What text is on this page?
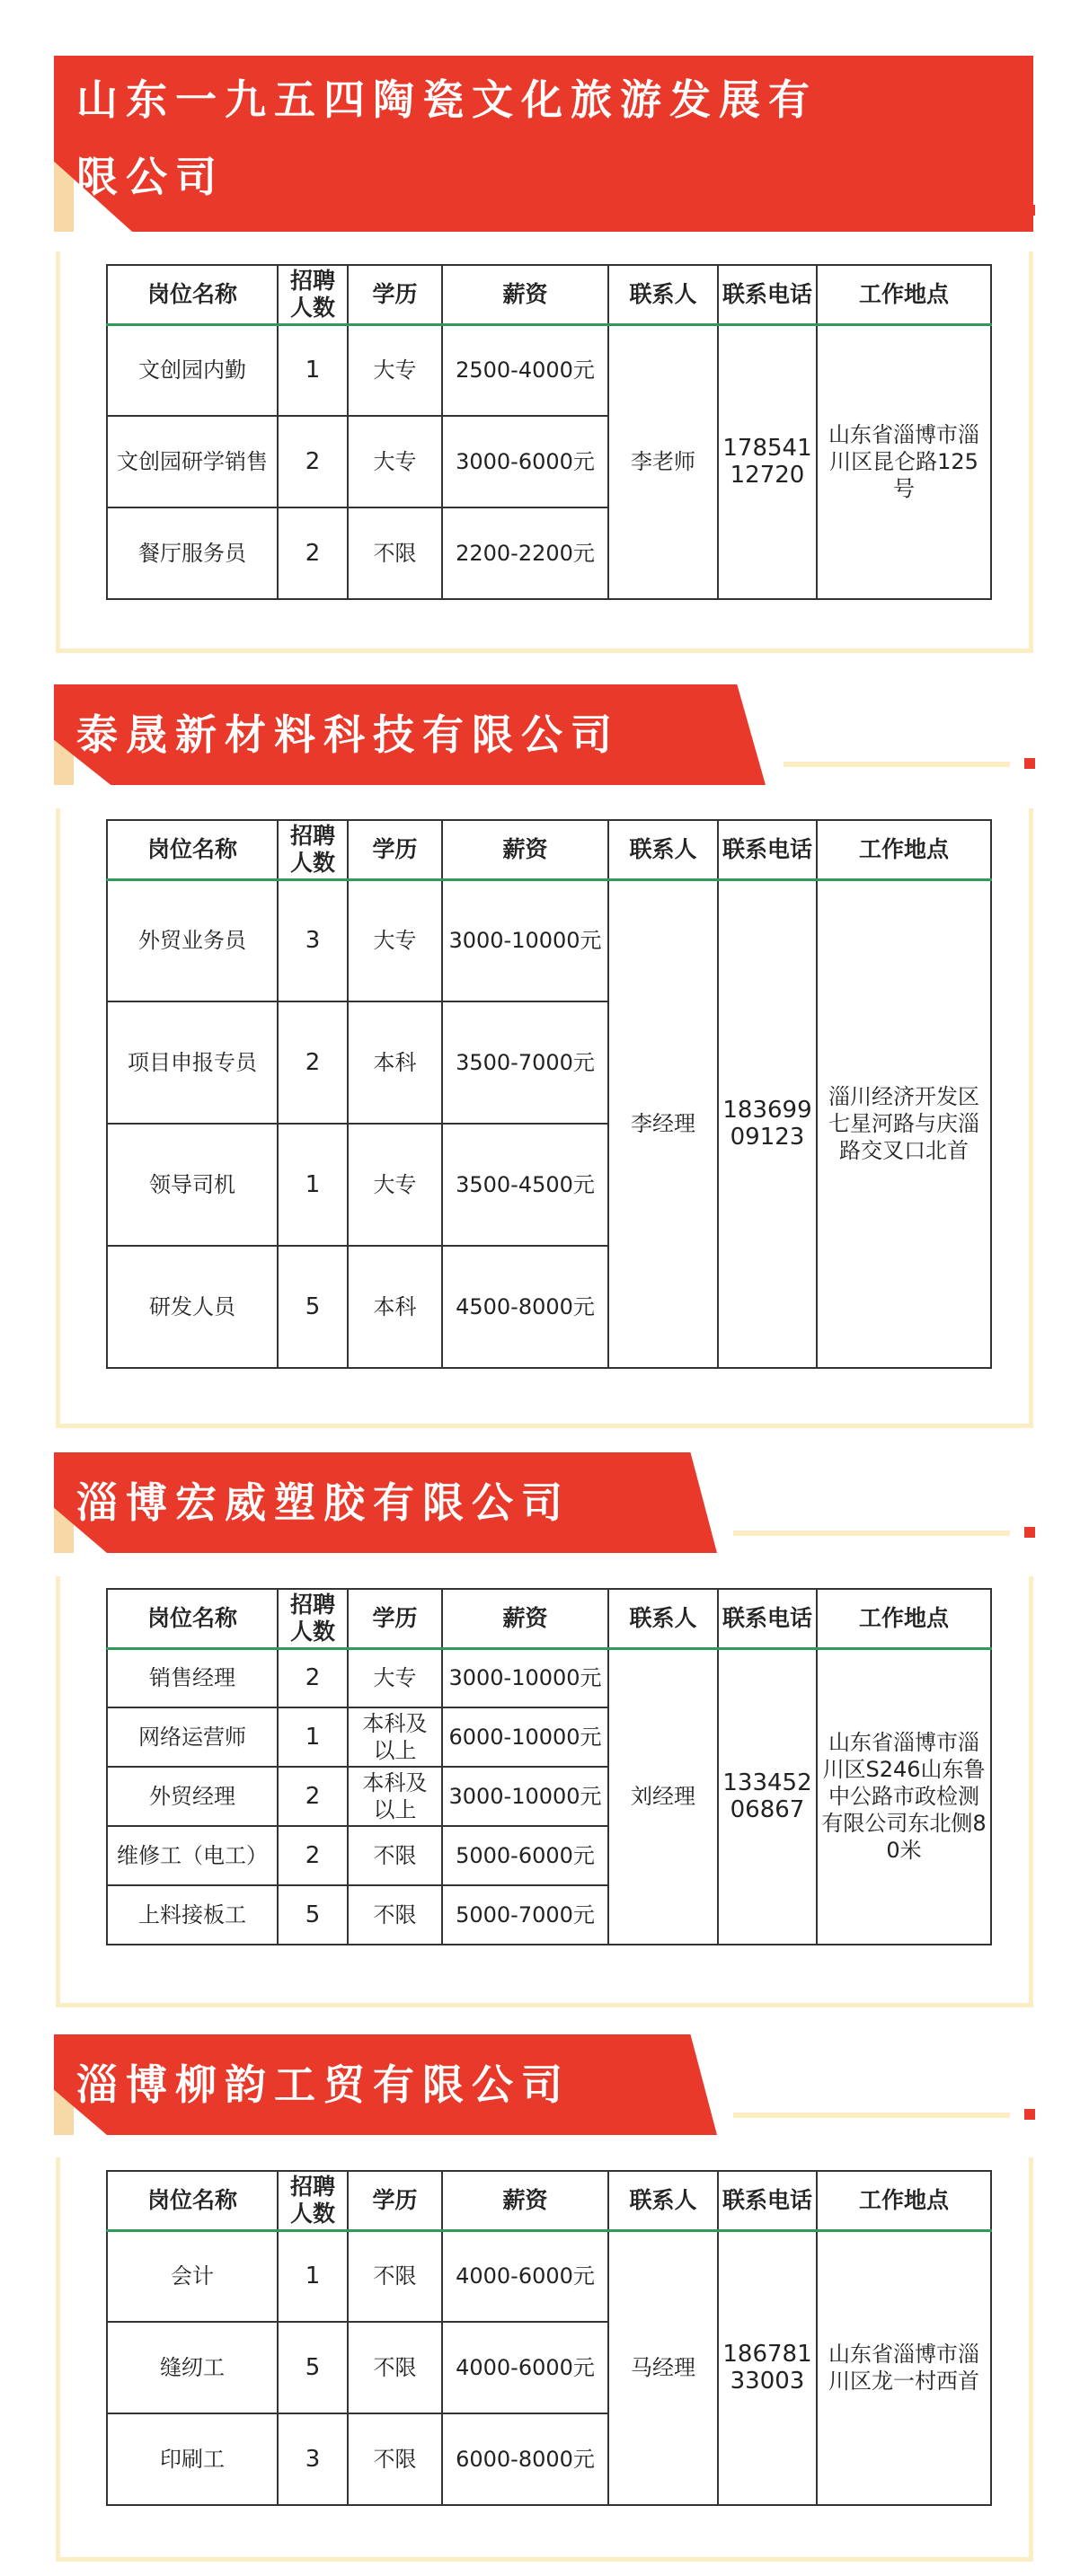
山东一九五四陶瓷文化旅游发展有
限公司
岗位名称	招聘人数	学历	薪资	联系人	联系电话	工作地点
文创园内勤	1	大专	2500-4000元	李老师	17854112720	山东省淄博市淄川区昆仑路125号
文创园研学销售	2	大专	3000-6000元			
餐厅服务员	2	不限	2200-2200元			
泰晟新材料科技有限公司
岗位名称	招聘人数	学历	薪资	联系人	联系电话	工作地点
外贸业务员	3	大专	3000-10000元	李经理	18369909123	淄川经济开发区七星河路与庆淄路交叉口北首
项目申报专员	2	本科	3500-7000元			
领导司机	1	大专	3500-4500元			
研发人员	5	本科	4500-8000元			
淄博宏威塑胶有限公司
岗位名称	招聘人数	学历	薪资	联系人	联系电话	工作地点
销售经理	2	大专	3000-10000元	刘经理	13345206867	山东省淄博市淄川区S246山东鲁中公路市政检测有限公司东北侧80米
网络运营师	1	本科及以上	6000-10000元			
外贸经理	2	本科及以上	3000-10000元			
维修工（电工）	2	不限	5000-6000元			
上料接板工	5	不限	5000-7000元			
淄博柳韵工贸有限公司
岗位名称	招聘人数	学历	薪资	联系人	联系电话	工作地点
会计	1	不限	4000-6000元	马经理	18678133003	山东省淄博市淄川区龙一村西首
缝纫工	5	不限	4000-6000元			
印刷工	3	不限	6000-8000元			
